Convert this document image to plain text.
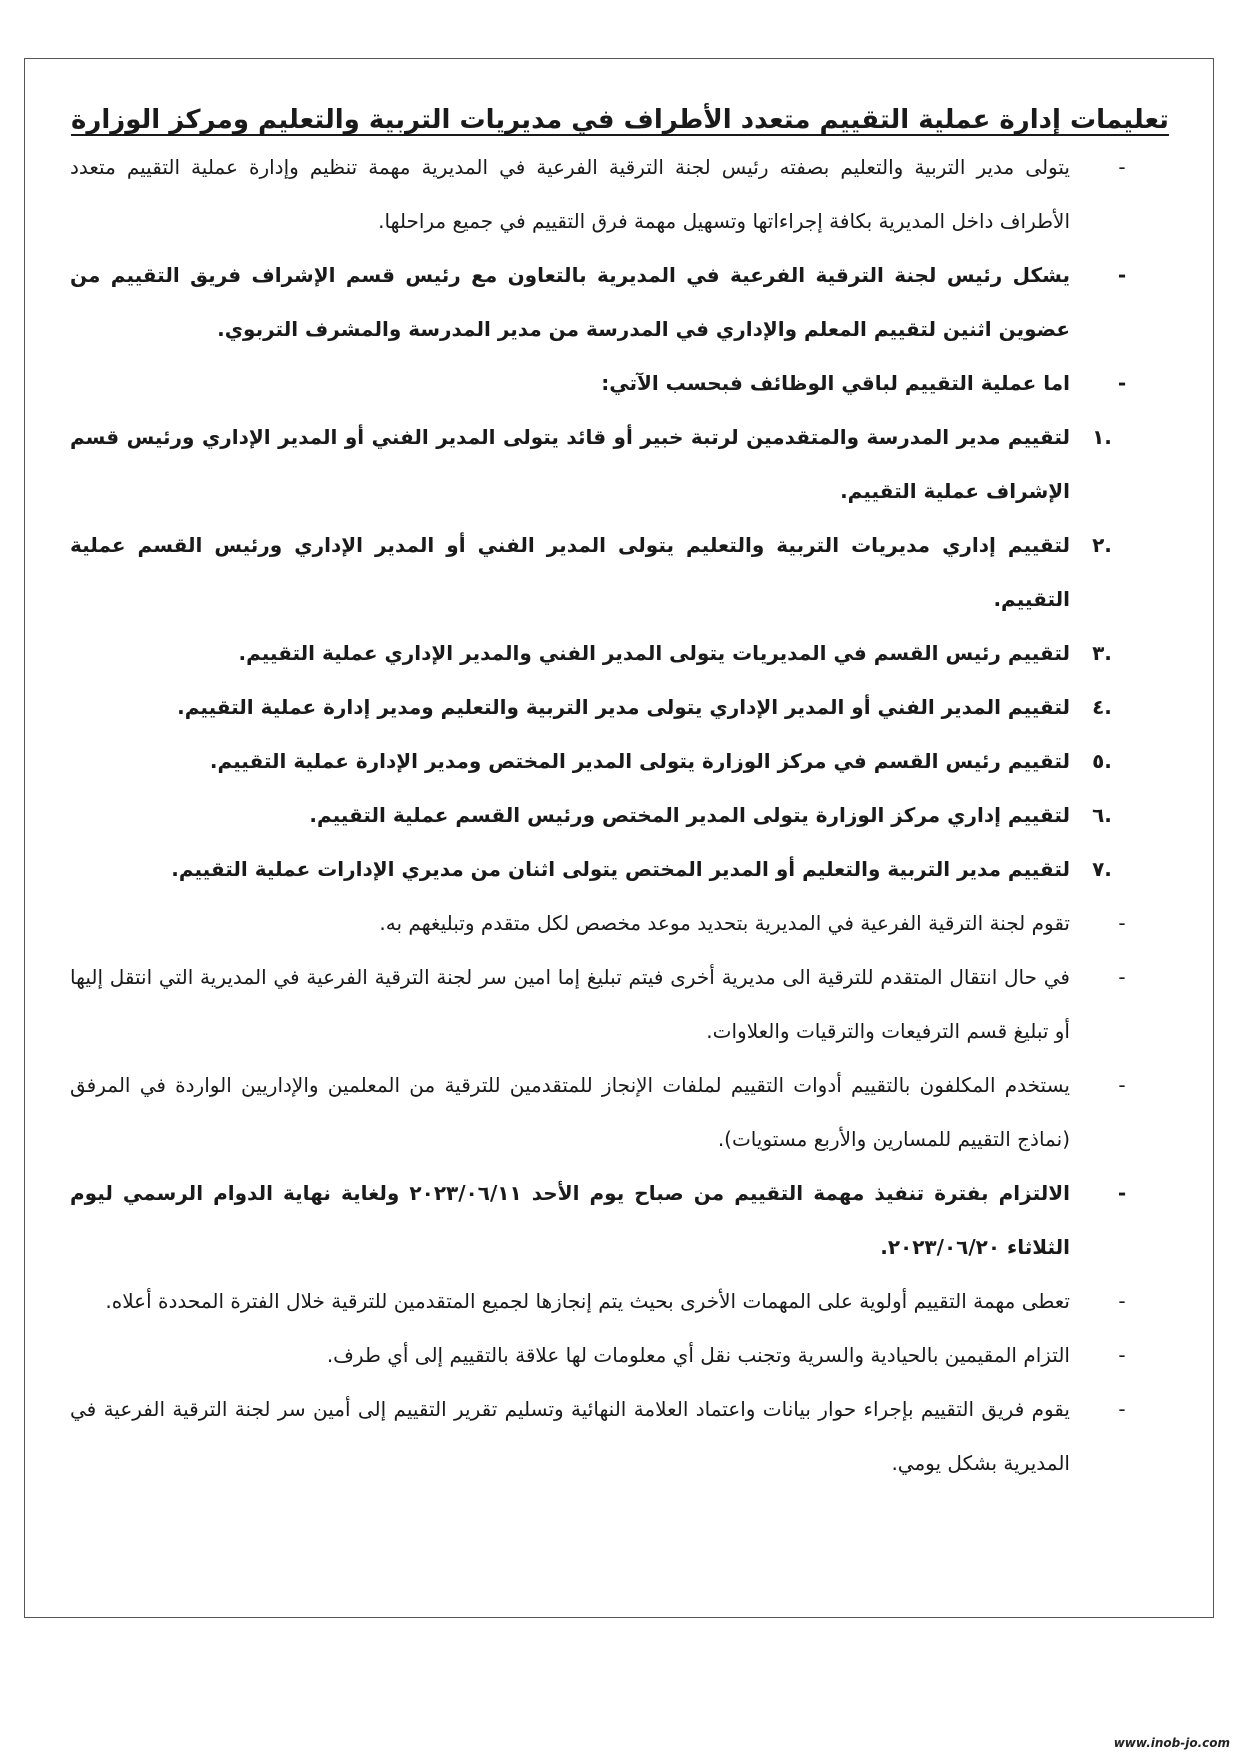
تعليمات إدارة عملية التقييم متعدد الأطراف في مديريات التربية والتعليم ومركز الوزارة

-
يتولى مدير التربية والتعليم بصفته رئيس لجنة الترقية الفرعية في المديرية مهمة تنظيم وإدارة عملية التقييم متعدد الأطراف داخل المديرية بكافة إجراءاتها وتسهيل مهمة فرق التقييم في جميع مراحلها.

-
يشكل رئيس لجنة الترقية الفرعية في المديرية بالتعاون مع رئيس قسم الإشراف فريق التقييم من عضوين اثنين لتقييم المعلم والإداري في المدرسة من مدير المدرسة والمشرف التربوي.

-
اما عملية التقييم لباقي الوظائف فبحسب الآتي:

.١
لتقييم مدير المدرسة والمتقدمين لرتبة خبير أو قائد يتولى المدير الفني أو المدير الإداري ورئيس قسم الإشراف عملية التقييم.

.٢
لتقييم إداري مديريات التربية والتعليم يتولى المدير الفني أو المدير الإداري ورئيس القسم عملية التقييم.

.٣
لتقييم رئيس القسم في المديريات يتولى المدير الفني والمدير الإداري عملية التقييم.

.٤
لتقييم المدير الفني أو المدير الإداري يتولى مدير التربية والتعليم ومدير إدارة عملية التقييم.

.٥
لتقييم رئيس القسم في مركز الوزارة يتولى المدير المختص ومدير الإدارة عملية التقييم.

.٦
لتقييم إداري مركز الوزارة يتولى المدير المختص ورئيس القسم عملية التقييم.

.٧
لتقييم مدير التربية والتعليم أو المدير المختص يتولى اثنان من مديري الإدارات عملية التقييم.

-
تقوم لجنة الترقية الفرعية في المديرية بتحديد موعد مخصص لكل متقدم وتبليغهم به.

-
في حال انتقال المتقدم للترقية الى مديرية أخرى فيتم تبليغ إما امين سر لجنة الترقية الفرعية في المديرية التي انتقل إليها أو تبليغ قسم الترفيعات والترقيات والعلاوات.

-
يستخدم المكلفون بالتقييم أدوات التقييم لملفات الإنجاز للمتقدمين للترقية من المعلمين والإداريين الواردة في المرفق (نماذج التقييم للمسارين والأربع مستويات).

-
الالتزام بفترة تنفيذ مهمة التقييم من صباح يوم الأحد ٢٠٢٣/٠٦/١١ ولغاية نهاية الدوام الرسمي ليوم الثلاثاء ٢٠٢٣/٠٦/٢٠.

-
تعطى مهمة التقييم أولوية على المهمات الأخرى بحيث يتم إنجازها لجميع المتقدمين للترقية خلال الفترة المحددة أعلاه.

-
التزام المقيمين بالحيادية والسرية وتجنب نقل أي معلومات لها علاقة بالتقييم إلى أي طرف.

-
يقوم فريق التقييم بإجراء حوار بيانات واعتماد العلامة النهائية وتسليم تقرير التقييم إلى أمين سر لجنة الترقية الفرعية في المديرية بشكل يومي.

www.inob-jo.com
